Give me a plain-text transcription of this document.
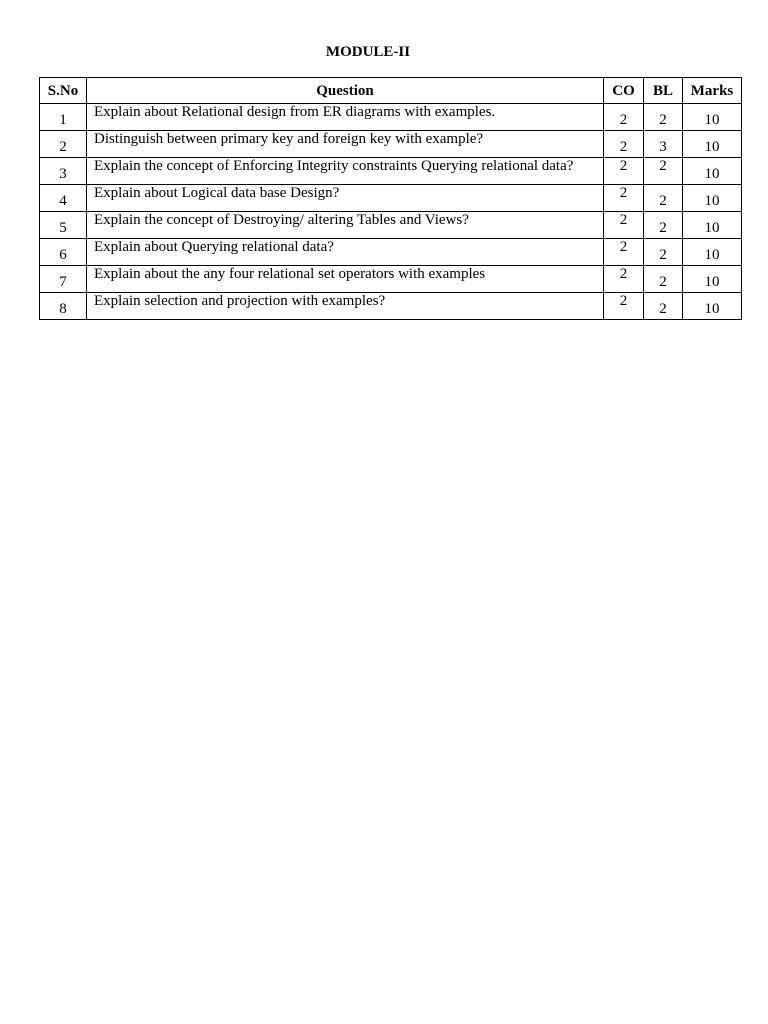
MODULE-II
S.No	Question	CO	BL	Marks
1	Explain about Relational design from ER diagrams with examples.	2	2	10
2	Distinguish between primary key and foreign key with example?	2	3	10
3	Explain the concept of Enforcing Integrity constraints Querying relational data?	2	2	10
4	Explain about Logical data base Design?	2	2	10
5	Explain the concept of Destroying/ altering Tables and Views?	2	2	10
6	Explain about Querying relational data?	2	2	10
7	Explain about the any four relational set operators with examples	2	2	10
8	Explain selection and projection with examples?	2	2	10
